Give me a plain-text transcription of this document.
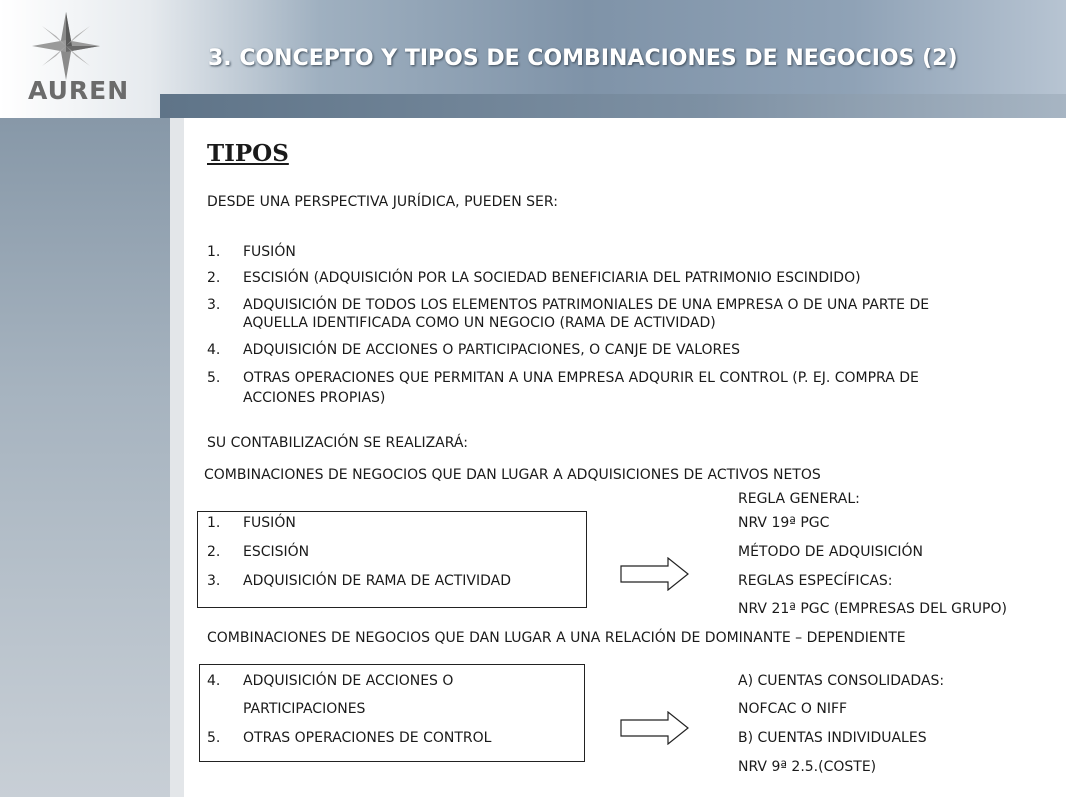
AUREN
3. CONCEPTO Y TIPOS DE COMBINACIONES DE NEGOCIOS (2)
TIPOS
DESDE UNA PERSPECTIVA JURÍDICA, PUEDEN SER:
1. FUSIÓN
2. ESCISIÓN (ADQUISICIÓN POR LA SOCIEDAD BENEFICIARIA DEL PATRIMONIO ESCINDIDO)
3. ADQUISICIÓN DE TODOS LOS ELEMENTOS PATRIMONIALES DE UNA EMPRESA O DE UNA PARTE DE
AQUELLA IDENTIFICADA COMO UN NEGOCIO (RAMA DE ACTIVIDAD)
4. ADQUISICIÓN DE ACCIONES O PARTICIPACIONES, O CANJE DE VALORES
5. OTRAS OPERACIONES QUE PERMITAN A UNA EMPRESA ADQURIR EL CONTROL (P. EJ. COMPRA DE
ACCIONES PROPIAS)
SU CONTABILIZACIÓN SE REALIZARÁ:
COMBINACIONES DE NEGOCIOS QUE DAN LUGAR A ADQUISICIONES DE ACTIVOS NETOS
1. FUSIÓN
2. ESCISIÓN
3. ADQUISICIÓN DE RAMA DE ACTIVIDAD
REGLA GENERAL:
NRV 19ª PGC
MÉTODO DE ADQUISICIÓN
REGLAS ESPECÍFICAS:
NRV 21ª PGC (EMPRESAS DEL GRUPO)
COMBINACIONES DE NEGOCIOS QUE DAN LUGAR A UNA RELACIÓN DE DOMINANTE – DEPENDIENTE
4. ADQUISICIÓN DE ACCIONES O
PARTICIPACIONES
5. OTRAS OPERACIONES DE CONTROL
A) CUENTAS CONSOLIDADAS:
NOFCAC O NIFF
B) CUENTAS INDIVIDUALES
NRV 9ª 2.5.(COSTE)
